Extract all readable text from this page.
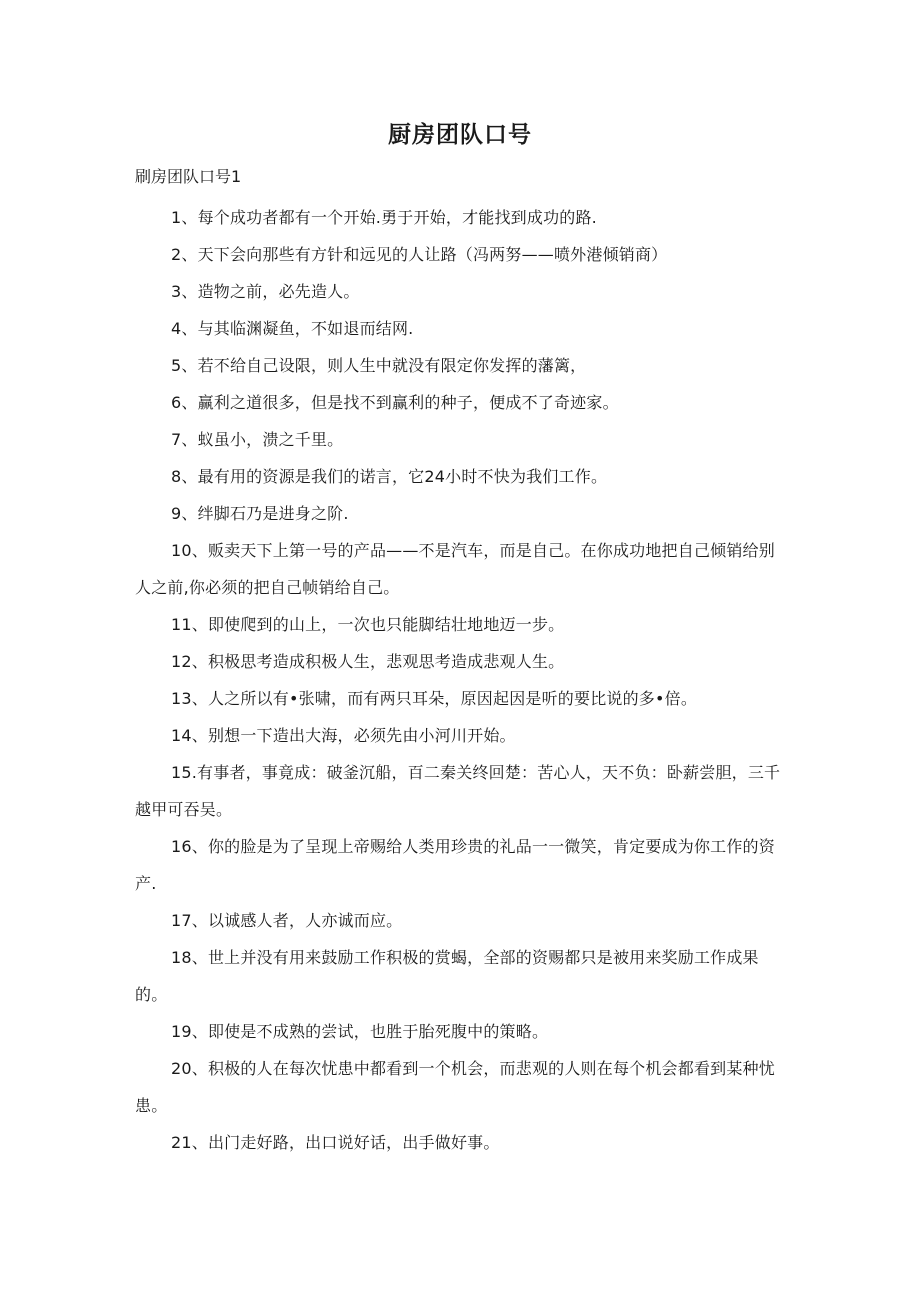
厨房团队口号
刷房团队口号1

1、每个成功者都有一个开始.勇于开始，才能找到成功的路.

2、天下会向那些有方针和远见的人让路（冯两努——喷外港倾销商）

3、造物之前，必先造人。

4、与其临渊凝鱼，不如退而结网.

5、若不给自己设限，则人生中就没有限定你发挥的藩篱，

6、赢利之道很多，但是找不到赢利的种子，便成不了奇迹家。

7、蚁虽小，溃之千里。

8、最有用的资源是我们的诺言，它24小时不快为我们工作。

9、绊脚石乃是进身之阶.

10、贩卖天下上第一号的产品——不是汽车，而是自己。在你成功地把自己倾销给别人之前,你必须的把自己帧销给自己。

11、即使爬到的山上，一次也只能脚结壮地地迈一步。

12、积极思考造成积极人生，悲观思考造成悲观人生。

13、人之所以有•张啸，而有两只耳朵，原因起因是听的要比说的多•倍。

14、别想一下造出大海，必须先由小河川开始。

15.有事者，事竟成：破釜沉船，百二秦关终回楚：苦心人，天不负：卧薪尝胆，三千越甲可吞吴。

16、你的脸是为了呈现上帝赐给人类用珍贵的礼品一一微笑，肯定要成为你工作的资产.

17、以诚感人者，人亦诚而应。

18、世上并没有用来鼓励工作积极的赏蝎，全部的资赐都只是被用来奖励工作成果的。

19、即使是不成熟的尝试，也胜于胎死腹中的策略。

20、积极的人在每次忧患中都看到一个机会，而悲观的人则在每个机会都看到某种忧患。

21、出门走好路，出口说好话，出手做好事。
